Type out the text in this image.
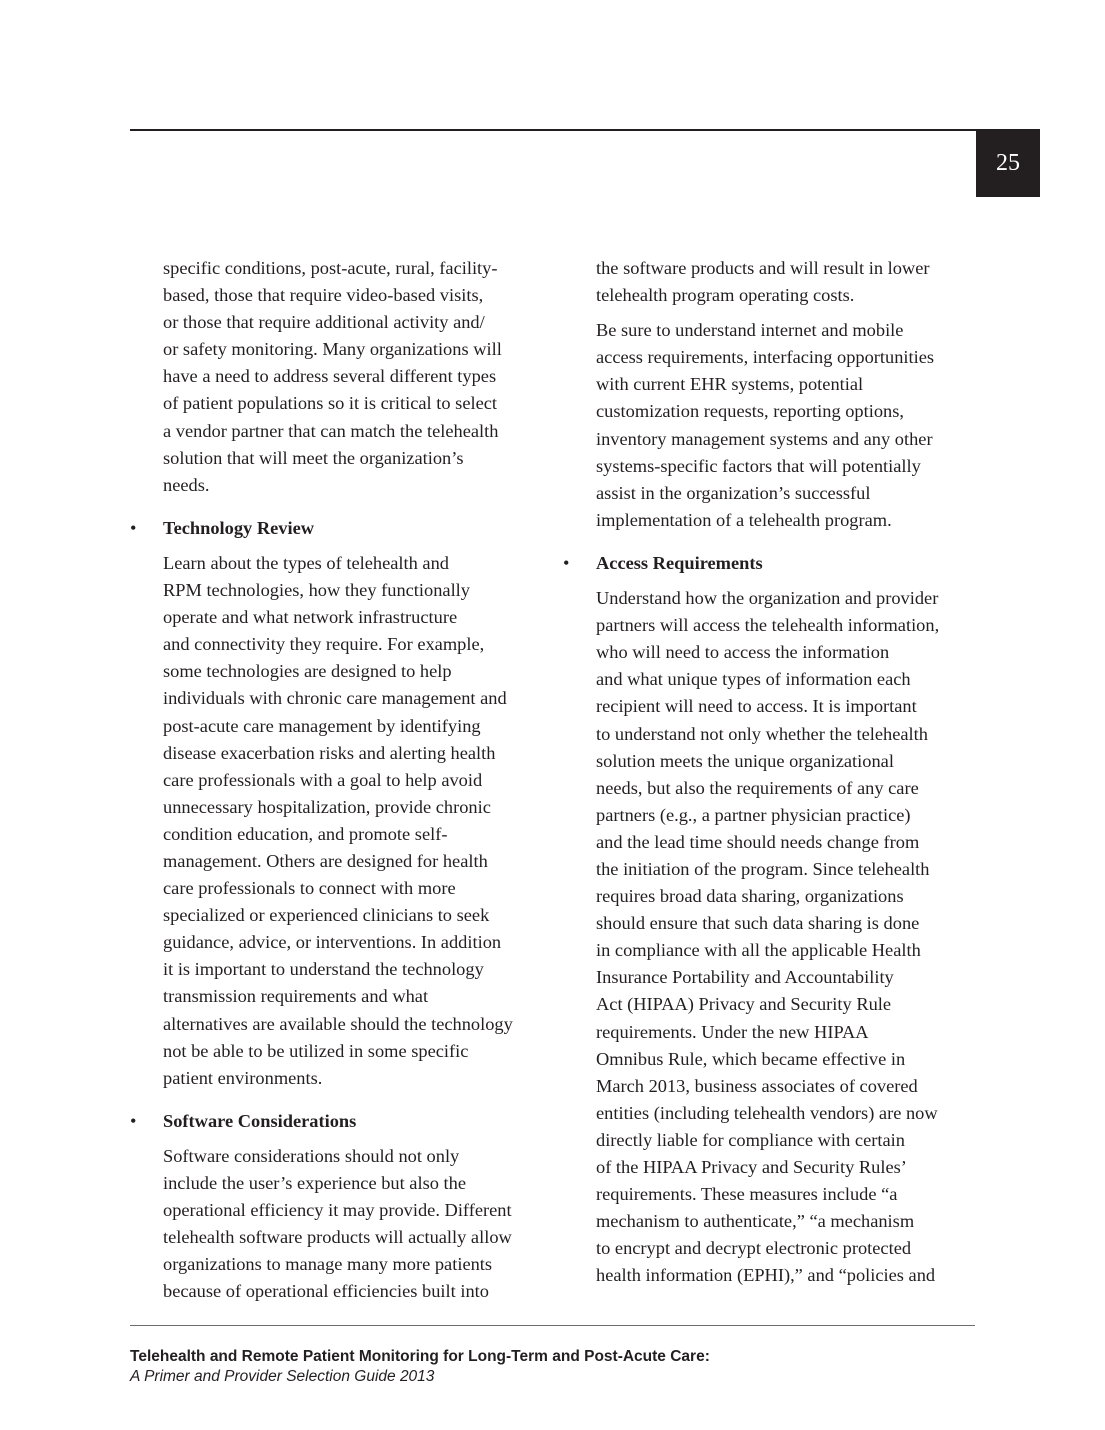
25
specific conditions, post-acute, rural, facility-
based, those that require video-based visits,
or those that require additional activity and/
or safety monitoring. Many organizations will
have a need to address several different types
of patient populations so it is critical to select
a vendor partner that can match the telehealth
solution that will meet the organization’s
needs.
• Technology Review
Learn about the types of telehealth and
RPM technologies, how they functionally
operate and what network infrastructure
and connectivity they require. For example,
some technologies are designed to help
individuals with chronic care management and
post-acute care management by identifying
disease exacerbation risks and alerting health
care professionals with a goal to help avoid
unnecessary hospitalization, provide chronic
condition education, and promote self-
management. Others are designed for health
care professionals to connect with more
specialized or experienced clinicians to seek
guidance, advice, or interventions. In addition
it is important to understand the technology
transmission requirements and what
alternatives are available should the technology
not be able to be utilized in some specific
patient environments.
• Software Considerations
Software considerations should not only
include the user’s experience but also the
operational efficiency it may provide. Different
telehealth software products will actually allow
organizations to manage many more patients
because of operational efficiencies built into
the software products and will result in lower
telehealth program operating costs.
Be sure to understand internet and mobile
access requirements, interfacing opportunities
with current EHR systems, potential
customization requests, reporting options,
inventory management systems and any other
systems-specific factors that will potentially
assist in the organization’s successful
implementation of a telehealth program.
• Access Requirements
Understand how the organization and provider
partners will access the telehealth information,
who will need to access the information
and what unique types of information each
recipient will need to access. It is important
to understand not only whether the telehealth
solution meets the unique organizational
needs, but also the requirements of any care
partners (e.g., a partner physician practice)
and the lead time should needs change from
the initiation of the program. Since telehealth
requires broad data sharing, organizations
should ensure that such data sharing is done
in compliance with all the applicable Health
Insurance Portability and Accountability
Act (HIPAA) Privacy and Security Rule
requirements. Under the new HIPAA
Omnibus Rule, which became effective in
March 2013, business associates of covered
entities (including telehealth vendors) are now
directly liable for compliance with certain
of the HIPAA Privacy and Security Rules’
requirements. These measures include “a
mechanism to authenticate,” “a mechanism
to encrypt and decrypt electronic protected
health information (EPHI),” and “policies and
Telehealth and Remote Patient Monitoring for Long-Term and Post-Acute Care:
A Primer and Provider Selection Guide 2013
